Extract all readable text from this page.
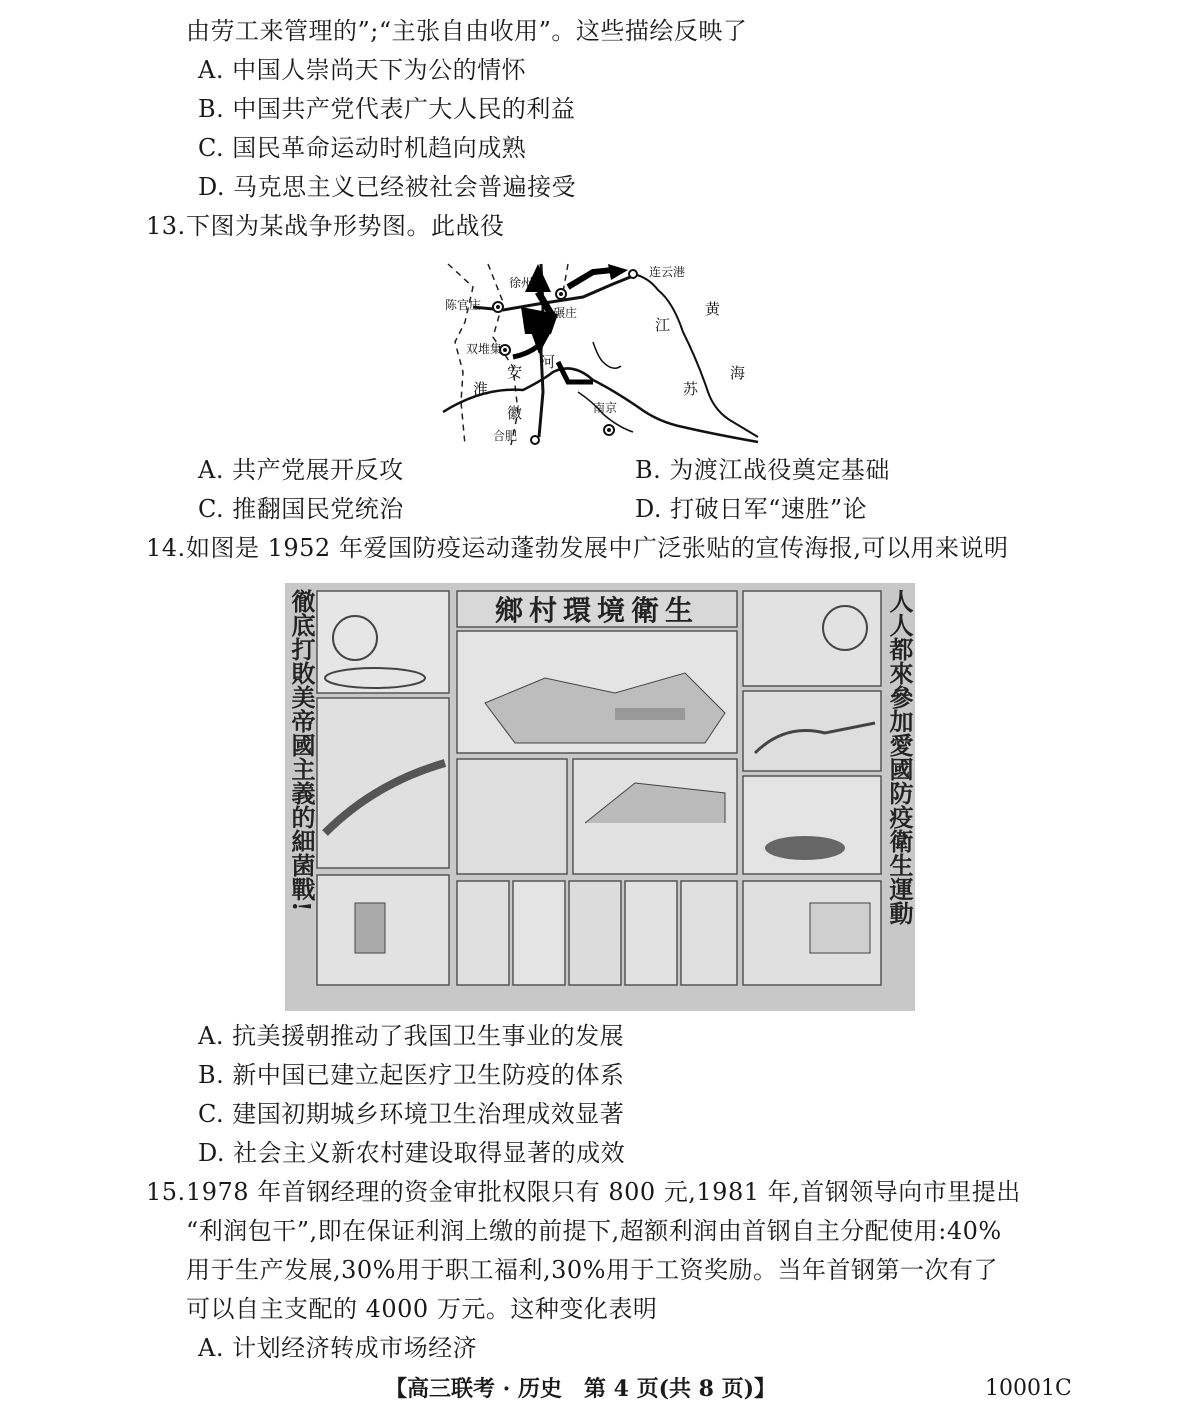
由劳工来管理的”;“主张自由收用”。这些描绘反映了
A. 中国人崇尚天下为公的情怀
B. 中国共产党代表广大人民的利益
C. 国民革命运动时机趋向成熟
D. 马克思主义已经被社会普遍接受
13. 下图为某战争形势图。此战役
徐州
连云港
陈官庄
碾庄	黄
江
海
双堆集
安
河
淮	苏
徽	南京
合肥
A. 共产党展开反攻	B. 为渡江战役奠定基础
C. 推翻国民党统治	D. 打破日军“速胜”论
14. 如图是 1952 年爱国防疫运动蓬勃发展中广泛张贴的宣传海报,可以用来说明
鄉村環境衛生
徹底打敗美帝國主義的細菌戰!	人人都來參加愛國防疫衛生運動
A. 抗美援朝推动了我国卫生事业的发展
B. 新中国已建立起医疗卫生防疫的体系
C. 建国初期城乡环境卫生治理成效显著
D. 社会主义新农村建设取得显著的成效
15. 1978 年首钢经理的资金审批权限只有 800 元,1981 年,首钢领导向市里提出
“利润包干”,即在保证利润上缴的前提下,超额利润由首钢自主分配使用:40%
用于生产发展,30%用于职工福利,30%用于工资奖励。当年首钢第一次有了
可以自主支配的 4000 万元。这种变化表明
A. 计划经济转成市场经济
【高三联考 · 历史　第 4 页(共 8 页)】	10001C
